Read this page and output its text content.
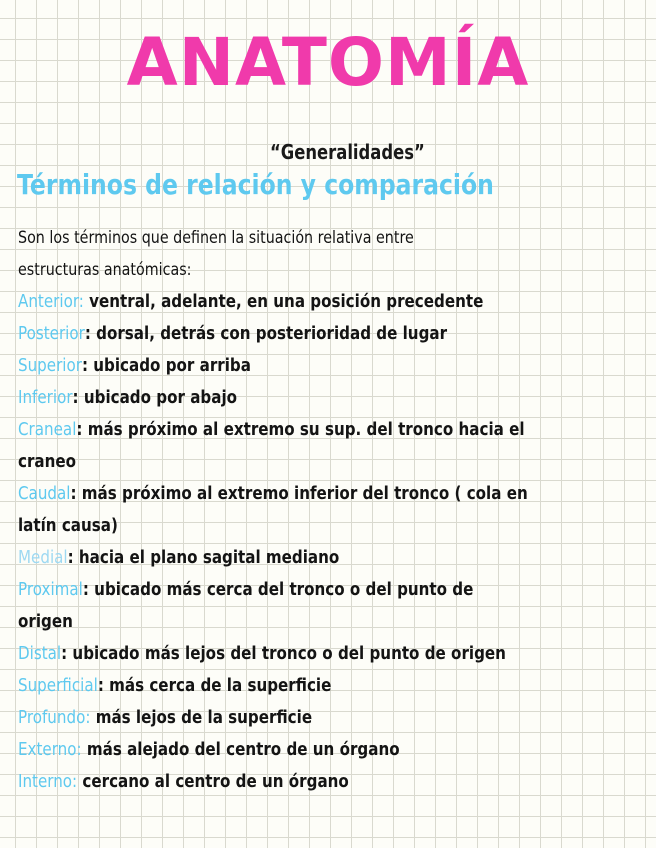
ANATOMÍA
“Generalidades”
Términos de relación y comparación
Son los términos que definen la situación relativa entre
estructuras anatómicas:
Anterior: ventral, adelante, en una posición precedente
Posterior: dorsal, detrás con posterioridad de lugar
Superior: ubicado por arriba
Inferior: ubicado por abajo
Craneal: más próximo al extremo su sup. del tronco hacia el
craneo
Caudal: más próximo al extremo inferior del tronco ( cola en
latín causa)
Medial: hacia el plano sagital mediano
Proximal: ubicado más cerca del tronco o del punto de
origen
Distal: ubicado más lejos del tronco o del punto de origen
Superficial: más cerca de la superficie
Profundo: más lejos de la superficie
Externo: más alejado del centro de un órgano
Interno: cercano al centro de un órgano
